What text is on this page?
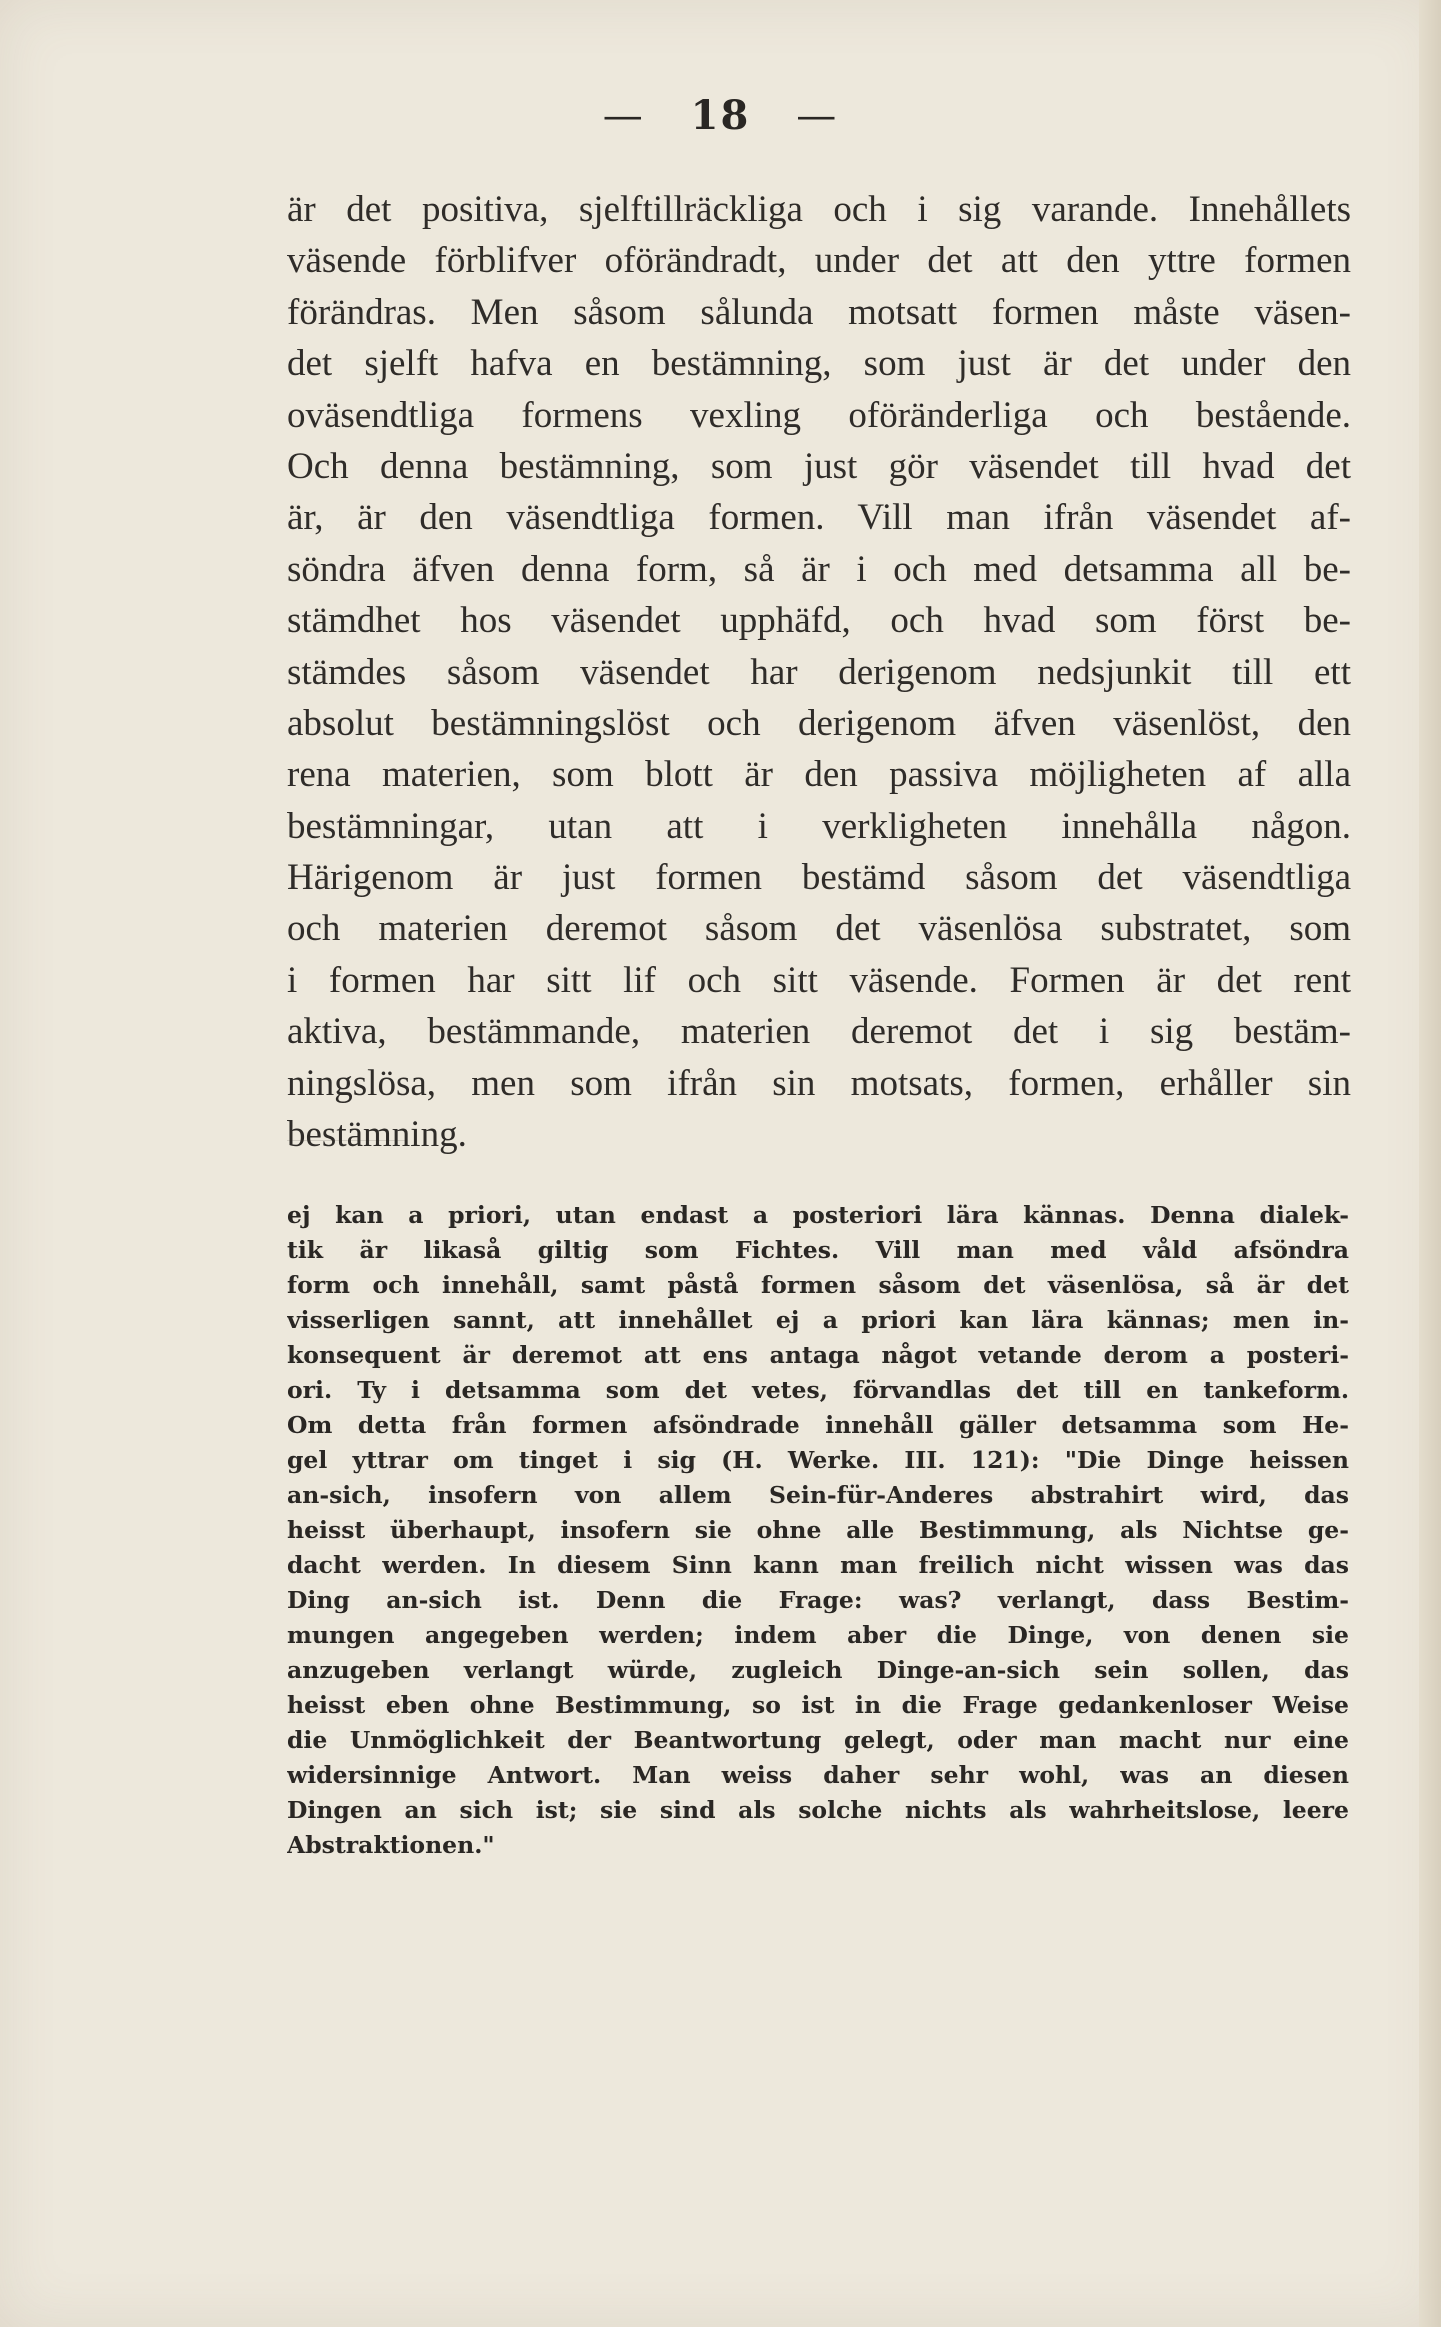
— 18 —
är det positiva, sjelftillräckliga och i sig varande. Innehållets
väsende förblifver oförändradt, under det att den yttre formen
förändras. Men såsom sålunda motsatt formen måste väsen-
det sjelft hafva en bestämning, som just är det under den
oväsendtliga formens vexling oföränderliga och bestående.
Och denna bestämning, som just gör väsendet till hvad det
är, är den väsendtliga formen. Vill man ifrån väsendet af-
söndra äfven denna form, så är i och med detsamma all be-
stämdhet hos väsendet upphäfd, och hvad som först be-
stämdes såsom väsendet har derigenom nedsjunkit till ett
absolut bestämningslöst och derigenom äfven väsenlöst, den
rena materien, som blott är den passiva möjligheten af alla
bestämningar, utan att i verkligheten innehålla någon.
Härigenom är just formen bestämd såsom det väsendtliga
och materien deremot såsom det väsenlösa substratet, som
i formen har sitt lif och sitt väsende. Formen är det rent
aktiva, bestämmande, materien deremot det i sig bestäm-
ningslösa, men som ifrån sin motsats, formen, erhåller sin
bestämning.
ej kan a priori, utan endast a posteriori lära kännas. Denna dialek-
tik är likaså giltig som Fichtes. Vill man med våld afsöndra
form och innehåll, samt påstå formen såsom det väsenlösa, så är det
visserligen sannt, att innehållet ej a priori kan lära kännas; men in-
konsequent är deremot att ens antaga något vetande derom a posteri-
ori. Ty i detsamma som det vetes, förvandlas det till en tankeform.
Om detta från formen afsöndrade innehåll gäller detsamma som He-
gel yttrar om tinget i sig (H. Werke. III. 121): "Die Dinge heissen
an-sich, insofern von allem Sein-für-Anderes abstrahirt wird, das
heisst überhaupt, insofern sie ohne alle Bestimmung, als Nichtse ge-
dacht werden. In diesem Sinn kann man freilich nicht wissen was das
Ding an-sich ist. Denn die Frage: was? verlangt, dass Bestim-
mungen angegeben werden; indem aber die Dinge, von denen sie
anzugeben verlangt würde, zugleich Dinge-an-sich sein sollen, das
heisst eben ohne Bestimmung, so ist in die Frage gedankenloser Weise
die Unmöglichkeit der Beantwortung gelegt, oder man macht nur eine
widersinnige Antwort. Man weiss daher sehr wohl, was an diesen
Dingen an sich ist; sie sind als solche nichts als wahrheitslose, leere
Abstraktionen."
